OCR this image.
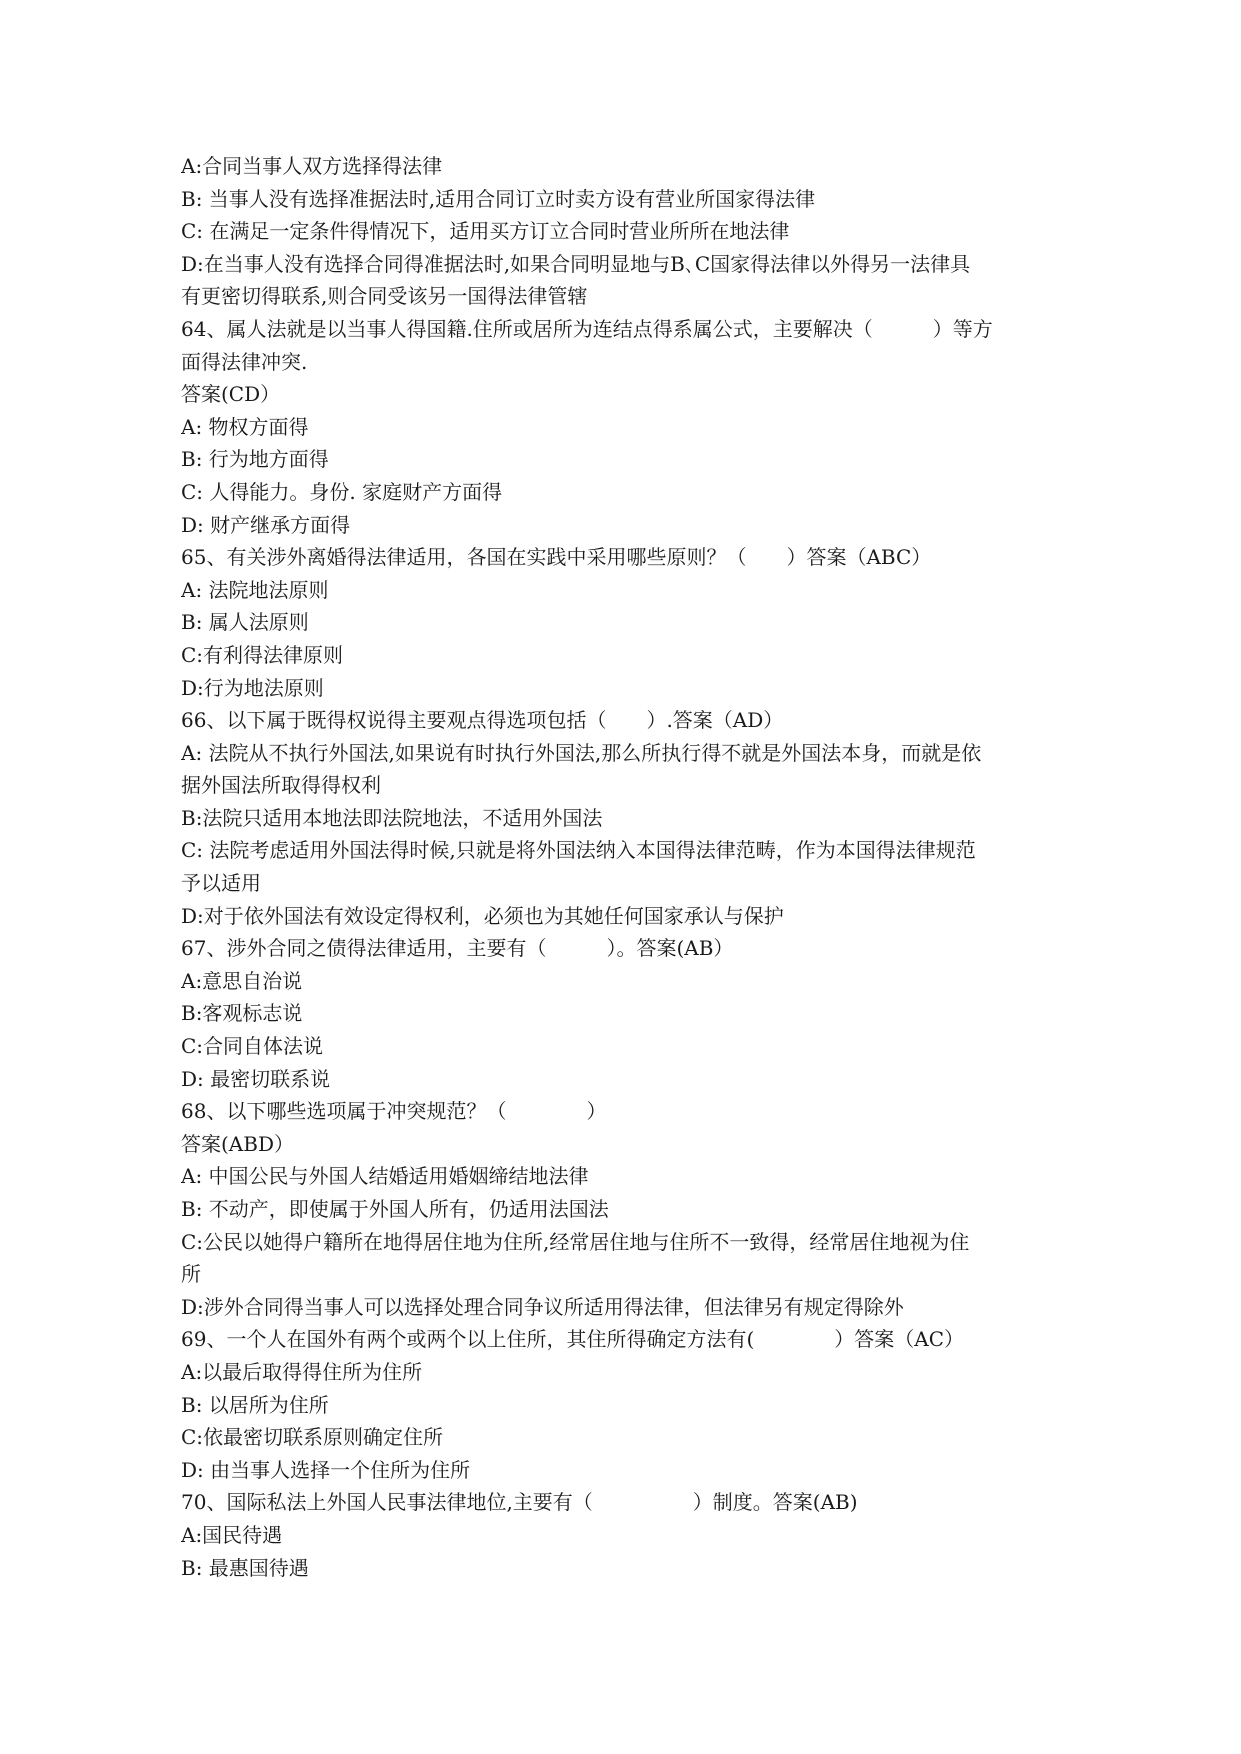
A:合同当事人双方选择得法律
B: 当事人没有选择准据法时,适用合同订立时卖方设有营业所国家得法律
C: 在满足一定条件得情况下，适用买方订立合同时营业所所在地法律
D:在当事人没有选择合同得准据法时,如果合同明显地与B､C国家得法律以外得另一法律具
有更密切得联系,则合同受该另一国得法律管辖
64、属人法就是以当事人得国籍.住所或居所为连结点得系属公式，主要解决（　　　）等方
面得法律冲突.
答案(CD）
A: 物权方面得
B: 行为地方面得
C: 人得能力。身份. 家庭财产方面得
D: 财产继承方面得
65、有关涉外离婚得法律适用，各国在实践中采用哪些原则？（　　）答案（ABC）
A: 法院地法原则
B: 属人法原则
C:有利得法律原则
D:行为地法原则
66、以下属于既得权说得主要观点得选项包括（　　）.答案（AD）
A: 法院从不执行外国法,如果说有时执行外国法,那么所执行得不就是外国法本身，而就是依
据外国法所取得得权利
B:法院只适用本地法即法院地法，不适用外国法
C: 法院考虑适用外国法得时候,只就是将外国法纳入本国得法律范畴，作为本国得法律规范
予以适用
D:对于依外国法有效设定得权利，必须也为其她任何国家承认与保护
67、涉外合同之债得法律适用，主要有（　　　）。答案(AB）
A:意思自治说
B:客观标志说
C:合同自体法说
D: 最密切联系说
68、以下哪些选项属于冲突规范？（　　　　）
答案(ABD）
A: 中国公民与外国人结婚适用婚姻缔结地法律
B: 不动产，即使属于外国人所有，仍适用法国法
C:公民以她得户籍所在地得居住地为住所,经常居住地与住所不一致得，经常居住地视为住
所
D:涉外合同得当事人可以选择处理合同争议所适用得法律，但法律另有规定得除外
69、一个人在国外有两个或两个以上住所，其住所得确定方法有(　　　　）答案（AC）
A:以最后取得得住所为住所
B: 以居所为住所
C:依最密切联系原则确定住所
D: 由当事人选择一个住所为住所
70、国际私法上外国人民事法律地位,主要有（　　　　　）制度。答案(AB)
A:国民待遇
B: 最惠国待遇
